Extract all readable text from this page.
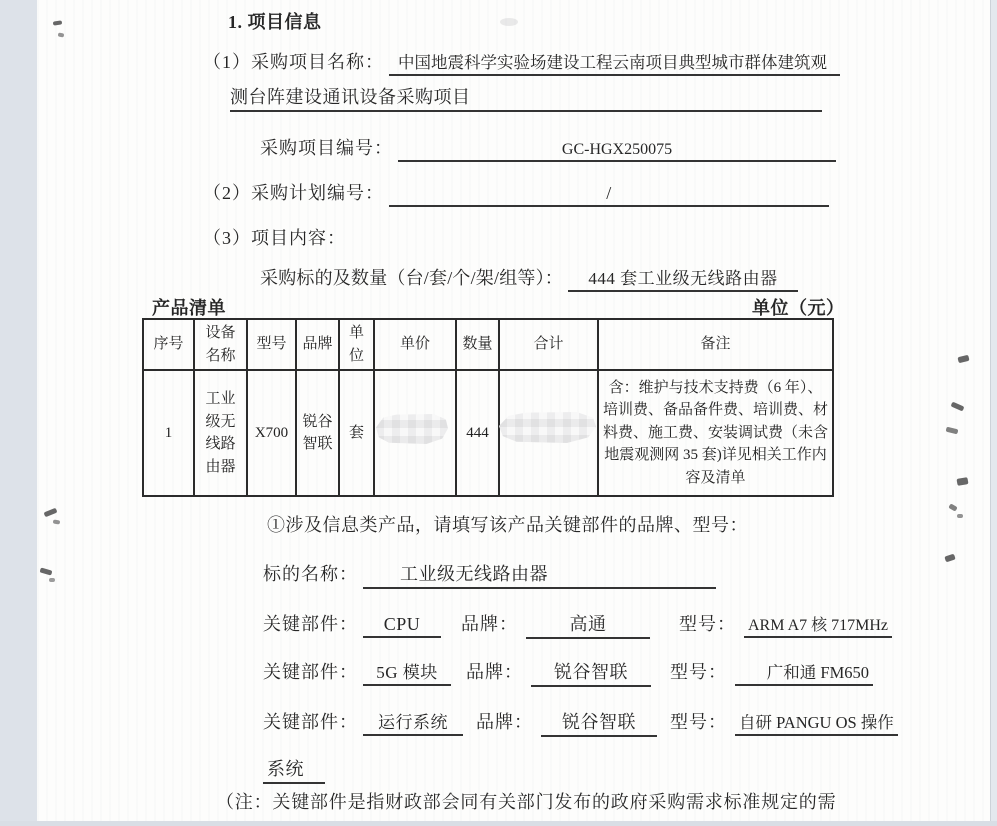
1. 项目信息
（1）采购项目名称： 中国地震科学实验场建设工程云南项目典型城市群体建筑观
测台阵建设通讯设备采购项目
采购项目编号：	GC-HGX250075
（2）采购计划编号：	/
（3）项目内容：
采购标的及数量（台/套/个/架/组等）： 444 套工业级无线路由器
产品清单	单位（元）
序号	设备名称	型号	品牌	单位	单价	数量	合计	备注
1	工业级无线路由器	X700	锐谷智联	套		444		含：维护与技术支持费（6 年）、培训费、备品备件费、培训费、材料费、施工费、安装调试费（未含地震观测网 35 套)详见相关工作内容及清单
①涉及信息类产品，请填写该产品关键部件的品牌、型号：
标的名称： 工业级无线路由器
关键部件： CPU 品牌：	高通	型号： ARM A7 核 717MHz
关键部件： 5G 模块 品牌： 锐谷智联 型号： 广和通 FM650
关键部件： 运行系统 品牌： 锐谷智联 型号： 自研 PANGU OS 操作
系统
（注：关键部件是指财政部会同有关部门发布的政府采购需求标准规定的需
